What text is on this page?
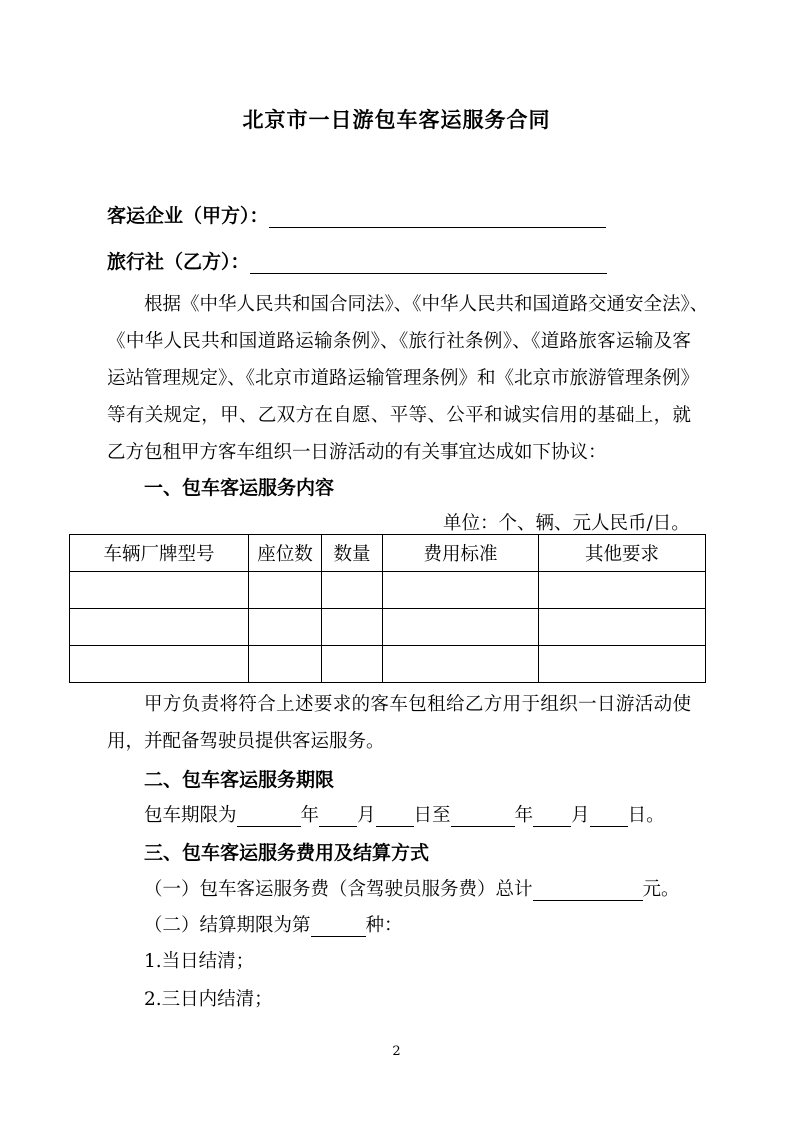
北京市一日游包车客运服务合同
客运企业（甲方）：
旅行社（乙方）：
根据《中华人民共和国合同法》、《中华人民共和国道路交通安全法》、
《中华人民共和国道路运输条例》、《旅行社条例》、《道路旅客运输及客
运站管理规定》、《北京市道路运输管理条例》和《北京市旅游管理条例》
等有关规定，甲、乙双方在自愿、平等、公平和诚实信用的基础上，就
乙方包租甲方客车组织一日游活动的有关事宜达成如下协议：
一、包车客运服务内容
单位：个、辆、元人民币/日。
车辆厂牌型号	座位数	数量	费用标准	其他要求

甲方负责将符合上述要求的客车包租给乙方用于组织一日游活动使
用，并配备驾驶员提供客运服务。
二、包车客运服务期限
包车期限为	年 月 日至	年 月 日。
三、包车客运服务费用及结算方式
（一）包车客运服务费（含驾驶员服务费）总计	元。
（二）结算期限为第	种：
1.当日结清；
2.三日内结清；
2
